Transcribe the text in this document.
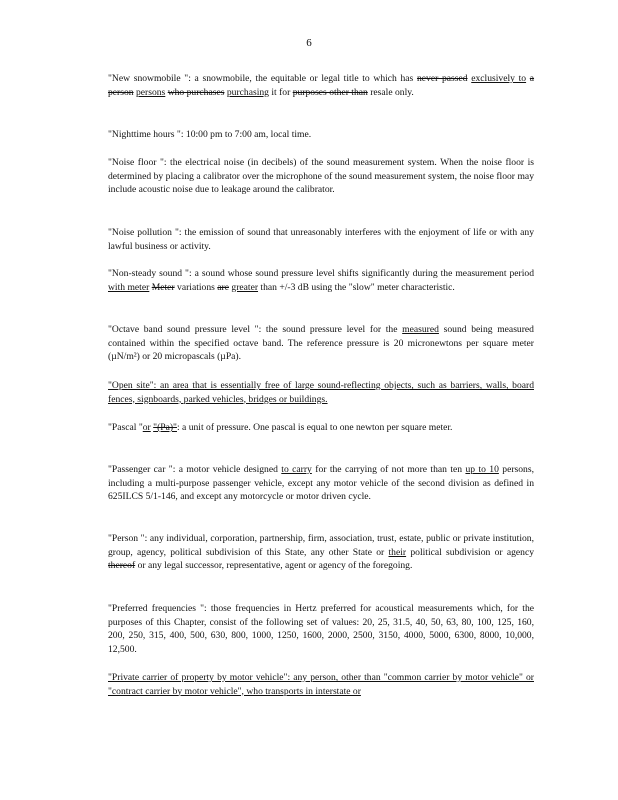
6

"New snowmobile ": a snowmobile, the equitable or legal title to which has never passed exclusively to a person persons who purchases purchasing it for purposes other than resale only.

"Nighttime hours ": 10:00 pm to 7:00 am, local time.

"Noise floor ": the electrical noise (in decibels) of the sound measurement system. When the noise floor is determined by placing a calibrator over the microphone of the sound measurement system, the noise floor may include acoustic noise due to leakage around the calibrator.

"Noise pollution ": the emission of sound that unreasonably interferes with the enjoyment of life or with any lawful business or activity.

"Non-steady sound ": a sound whose sound pressure level shifts significantly during the measurement period with meter Meter variations are greater than +/-3 dB using the "slow" meter characteristic.

"Octave band sound pressure level ": the sound pressure level for the measured sound being measured contained within the specified octave band. The reference pressure is 20 micronewtons per square meter (µN/m²) or 20 micropascals (µPa).

"Open site": an area that is essentially free of large sound-reflecting objects, such as barriers, walls, board fences, signboards, parked vehicles, bridges or buildings.

"Pascal "or "(Pa)": a unit of pressure. One pascal is equal to one newton per square meter.

"Passenger car ": a motor vehicle designed to carry for the carrying of not more than ten up to 10 persons, including a multi-purpose passenger vehicle, except any motor vehicle of the second division as defined in 625ILCS 5/1-146, and except any motorcycle or motor driven cycle.

"Person ": any individual, corporation, partnership, firm, association, trust, estate, public or private institution, group, agency, political subdivision of this State, any other State or their political subdivision or agency thereof or any legal successor, representative, agent or agency of the foregoing.

"Preferred frequencies ": those frequencies in Hertz preferred for acoustical measurements which, for the purposes of this Chapter, consist of the following set of values: 20, 25, 31.5, 40, 50, 63, 80, 100, 125, 160, 200, 250, 315, 400, 500, 630, 800, 1000, 1250, 1600, 2000, 2500, 3150, 4000, 5000, 6300, 8000, 10,000, 12,500.

"Private carrier of property by motor vehicle": any person, other than "common carrier by motor vehicle" or "contract carrier by motor vehicle", who transports in interstate or
